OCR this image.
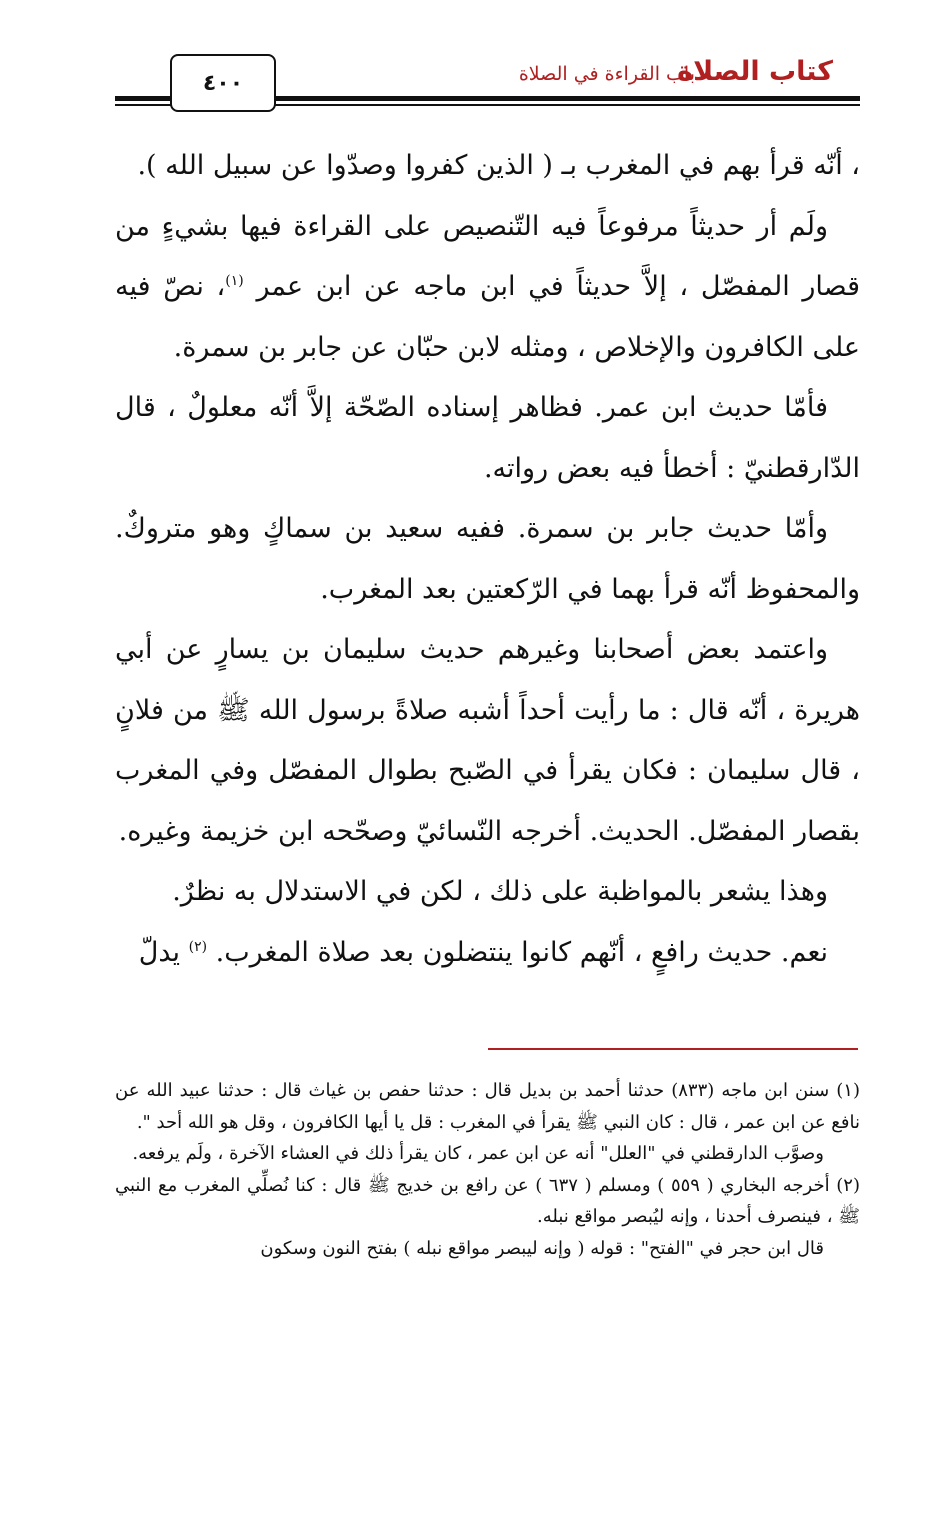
كتاب الصلاة
باب القراءة في الصلاة
٤٠٠

، أنّه قرأ بهم في المغرب بـ ( الذين كفروا وصدّوا عن سبيل الله ).

ولَم أر حديثاً مرفوعاً فيه التّنصيص على القراءة فيها بشيءٍ من قصار المفصّل ، إلاَّ حديثاً في ابن ماجه عن ابن عمر $^{(١)}$، نصّ فيه على الكافرون والإخلاص ، ومثله لابن حبّان عن جابر بن سمرة.

فأمّا حديث ابن عمر. فظاهر إسناده الصّحّة إلاَّ أنّه معلولٌ ، قال الدّارقطنيّ : أخطأ فيه بعض رواته.

وأمّا حديث جابر بن سمرة. ففيه سعيد بن سماكٍ وهو متروكٌ. والمحفوظ أنّه قرأ بهما في الرّكعتين بعد المغرب.

واعتمد بعض أصحابنا وغيرهم حديث سليمان بن يسارٍ عن أبي هريرة ، أنّه قال : ما رأيت أحداً أشبه صلاةً برسول الله ﷺ من فلانٍ ، قال سليمان : فكان يقرأ في الصّبح بطوال المفصّل وفي المغرب بقصار المفصّل. الحديث. أخرجه النّسائيّ وصحّحه ابن خزيمة وغيره.

وهذا يشعر بالمواظبة على ذلك ، لكن في الاستدلال به نظرٌ.

نعم. حديث رافعٍ ، أنّهم كانوا ينتضلون بعد صلاة المغرب. $^{(٢)}$ يدلّ

(١) سنن ابن ماجه (٨٣٣) حدثنا أحمد بن بديل قال : حدثنا حفص بن غياث قال : حدثنا عبيد الله عن نافع عن ابن عمر ، قال : كان النبي ﷺ يقرأ في المغرب : قل يا أيها الكافرون ، وقل هو الله أحد ".

وصوَّب الدارقطني في "العلل" أنه عن ابن عمر ، كان يقرأ ذلك في العشاء الآخرة ، ولَم يرفعه.

(٢) أخرجه البخاري ( ٥٥٩ ) ومسلم ( ٦٣٧ ) عن رافع بن خديج ﷺ قال : كنا نُصلِّي المغرب مع النبي ﷺ ، فينصرف أحدنا ، وإنه ليُبصر مواقع نبله.

قال ابن حجر في "الفتح" : قوله ( وإنه ليبصر مواقع نبله ) بفتح النون وسكون
